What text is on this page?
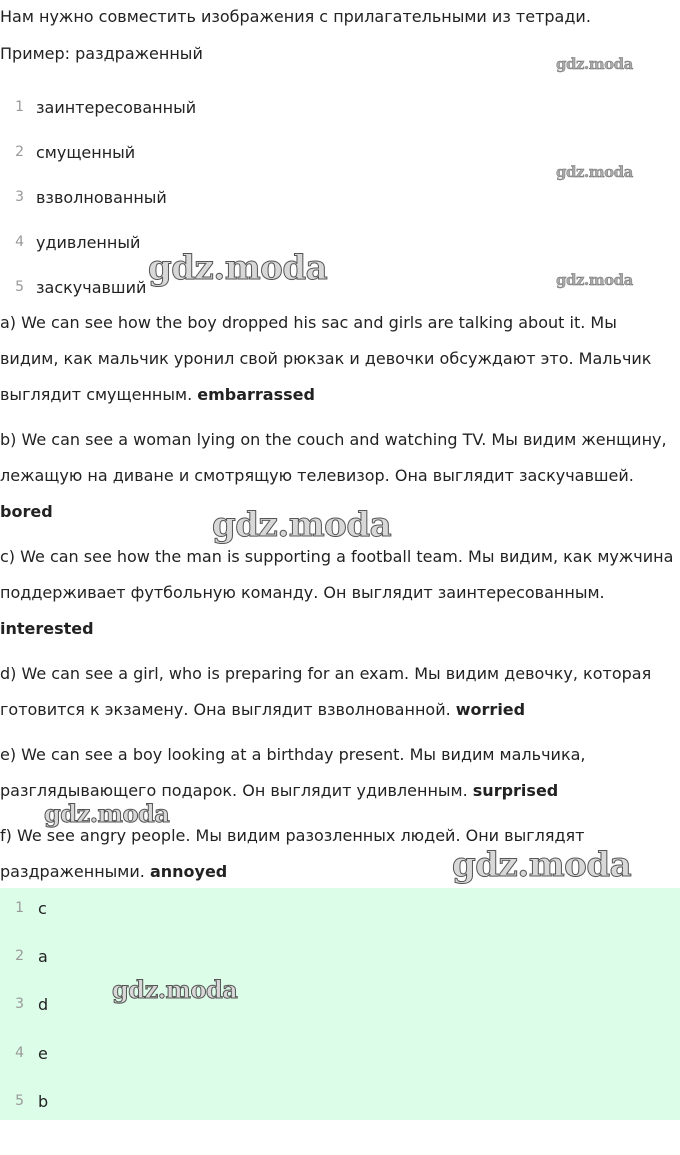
Нам нужно совместить изображения с прилагательными из тетради.
Пример: раздраженный
1 заинтересованный
2 смущенный
3 взволнованный
4 удивленный
5 заскучавший
a) We can see how the boy dropped his sac and girls are talking about it. Мы
видим, как мальчик уронил свой рюкзак и девочки обсуждают это. Мальчик
выглядит смущенным. embarrassed
b) We can see a woman lying on the couch and watching TV. Мы видим женщину,
лежащую на диване и смотрящую телевизор. Она выглядит заскучавшей.
bored
c) We can see how the man is supporting a football team. Мы видим, как мужчина
поддерживает футбольную команду. Он выглядит заинтересованным.
interested
d) We can see a girl, who is preparing for an exam. Мы видим девочку, которая
готовится к экзамену. Она выглядит взволнованной. worried
e) We can see a boy looking at a birthday present. Мы видим мальчика,
разглядывающего подарок. Он выглядит удивленным. surprised
f) We see angry people. Мы видим разозленных людей. Они выглядят
раздраженными. annoyed
1 c
2 a
3 d
4 e
5 b
gdz.moda
gdz.moda
gdz.moda
gdz.moda
gdz.moda
gdz.moda
gdz.moda
gdz.moda
